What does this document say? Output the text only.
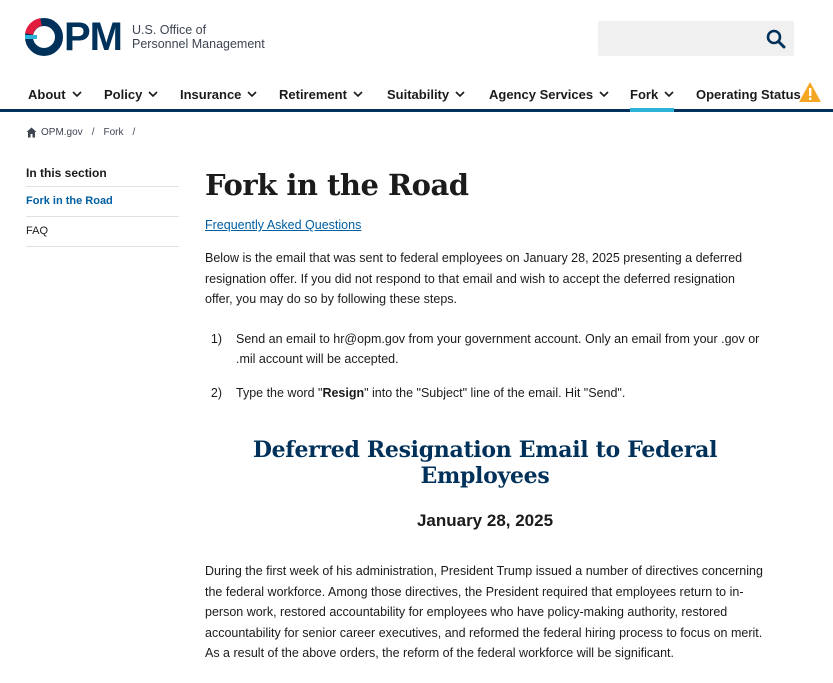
PM U.S. Office of
Personnel Management
About	Policy	Insurance	Retirement	Suitability	Agency Services	Fork	Operating Status
OPM.gov / Fork /
In this section
Fork in the Road
FAQ
Fork in the Road
Frequently Asked Questions

Below is the email that was sent to federal employees on January 28, 2025 presenting a deferred resignation offer. If you did not respond to that email and wish to accept the deferred resignation offer, you may do so by following these steps.

1)	Send an email to hr@opm.gov from your government account. Only an email from your .gov or .mil account will be accepted.
2)	Type the word "Resign" into the "Subject" line of the email. Hit "Send".
Deferred Resignation Email to Federal Employees
January 28, 2025

During the first week of his administration, President Trump issued a number of directives concerning the federal workforce. Among those directives, the President required that employees return to in-person work, restored accountability for employees who have policy-making authority, restored accountability for senior career executives, and reformed the federal hiring process to focus on merit. As a result of the above orders, the reform of the federal workforce will be significant.
